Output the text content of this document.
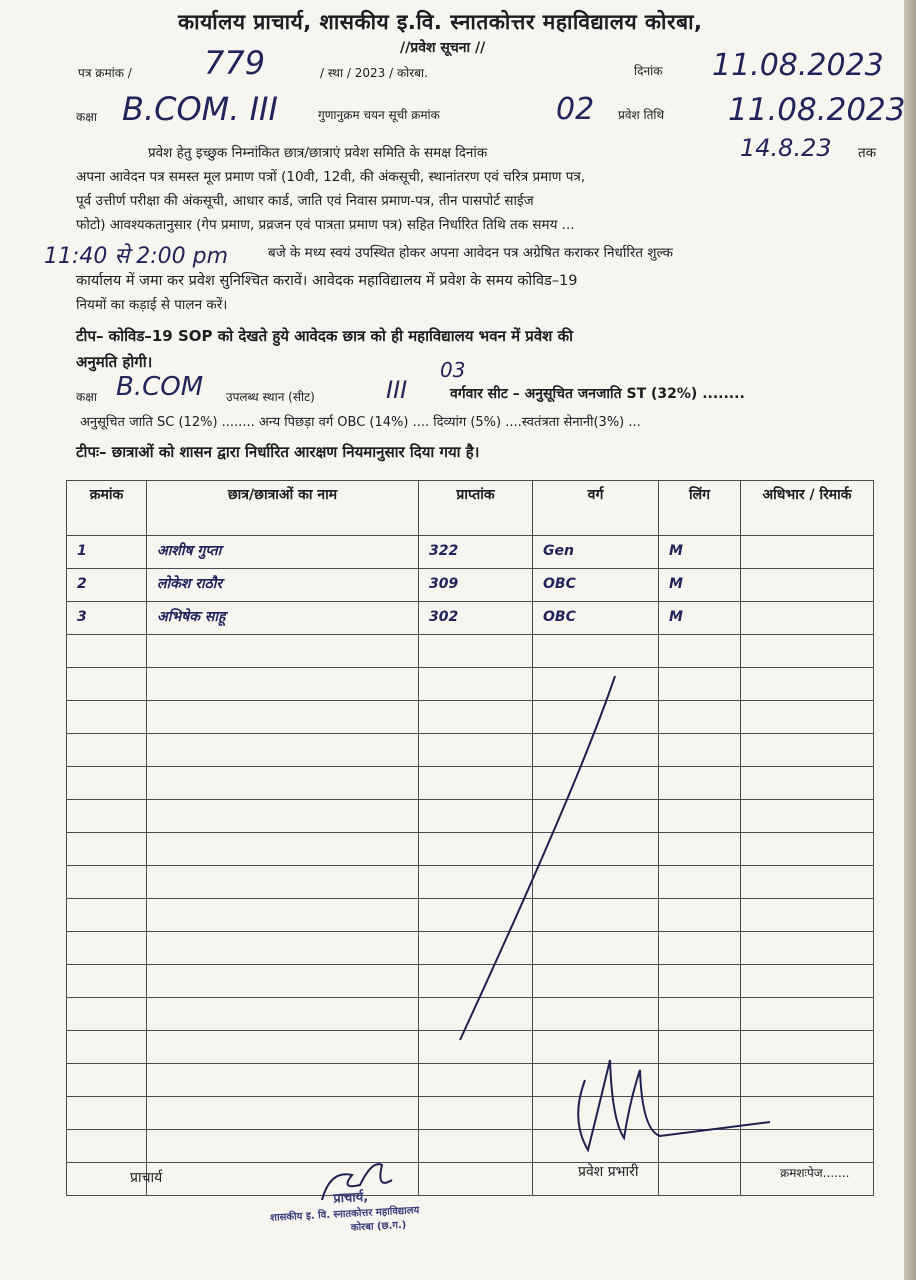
कार्यालय प्राचार्य, शासकीय इ.वि. स्नातकोत्तर महाविद्यालय कोरबा,
//प्रवेश सूचना //
पत्र क्रमांक / 779	/ स्था / 2023 / कोरबा.	दिनांक 11.08.2023
कक्षा B.COM. III	गुणानुक्रम चयन सूची क्रमांक	02 प्रवेश तिथि 11.08.2023
प्रवेश हेतु इच्छुक निम्नांकित छात्र/छात्राएं प्रवेश समिति के समक्ष दिनांक	14.8.23 तक
अपना आवेदन पत्र समस्त मूल प्रमाण पत्रों (10वी, 12वी, की अंकसूची, स्थानांतरण एवं चरित्र प्रमाण पत्र,
पूर्व उत्तीर्ण परीक्षा की अंकसूची, आधार कार्ड, जाति एवं निवास प्रमाण-पत्र, तीन पासपोर्ट साईज
फोटो) आवश्यकतानुसार (गेप प्रमाण, प्रव्रजन एवं पात्रता प्रमाण पत्र) सहित निर्धारित तिथि तक समय ...
11:40 से 2:00 pm	बजे के मध्य स्वयं उपस्थित होकर अपना आवेदन पत्र अग्रेषित कराकर निर्धारित शुल्क
कार्यालय में जमा कर प्रवेश सुनिश्चित करावें। आवेदक महाविद्यालय में प्रवेश के समय कोविड–19
नियमों का कड़ाई से पालन करें।
टीप– कोविड–19 SOP को देखते हुये आवेदक छात्र को ही महाविद्यालय भवन में प्रवेश की
अनुमति होगी।
कक्षा B.COM उपलब्ध स्थान (सीट)	III
03
वर्गवार सीट – अनुसूचित जनजाति ST (32%) ........
अनुसूचित जाति SC (12%) ........ अन्य पिछड़ा वर्ग OBC (14%) .... दिव्यांग (5%) ....स्वतंत्रता सेनानी(3%) ...
टीपः– छात्राओं को शासन द्वारा निर्धारित आरक्षण नियमानुसार दिया गया है।
क्रमांक	छात्र/छात्राओं का नाम	प्राप्तांक	वर्ग	लिंग	अधिभार / रिमार्क
1	आशीष गुप्ता	322	Gen	M	
2	लोकेश राठौर	309	OBC	M	
3	अभिषेक साहू	302	OBC	M	

प्राचार्य	प्रवेश प्रभारी	क्रमशःपेज.......
प्राचार्य,
शासकीय इ. वि. स्नातकोत्तर महाविद्यालय
कोरबा (छ.ग.)
